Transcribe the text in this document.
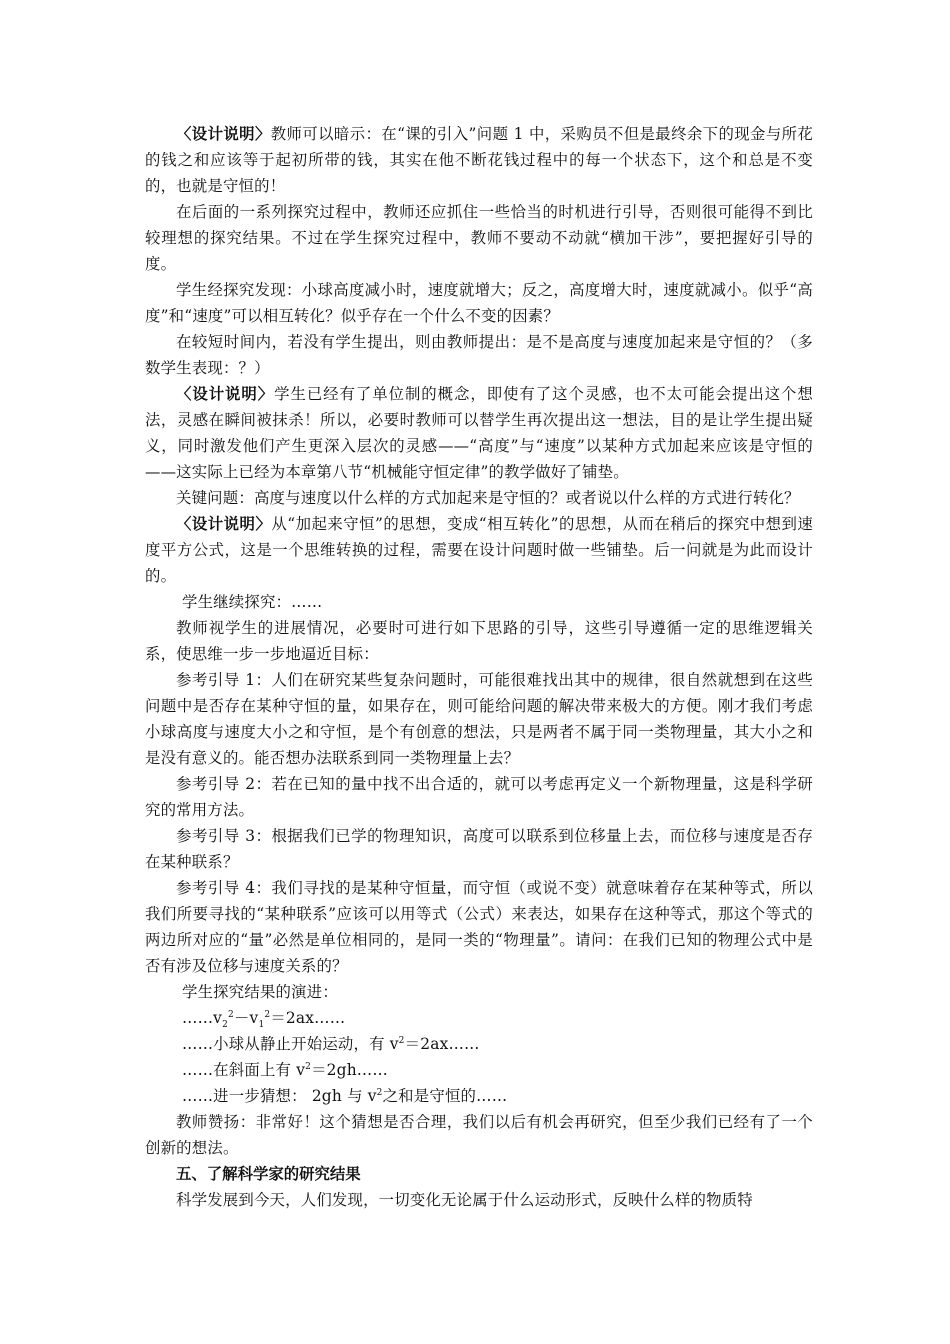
〈设计说明〉教师可以暗示：在“课的引入”问题 1 中，采购员不但是最终余下的现金与所花的钱之和应该等于起初所带的钱，其实在他不断花钱过程中的每一个状态下，这个和总是不变的，也就是守恒的！

在后面的一系列探究过程中，教师还应抓住一些恰当的时机进行引导，否则很可能得不到比较理想的探究结果。不过在学生探究过程中，教师不要动不动就“横加干涉”，要把握好引导的度。

学生经探究发现：小球高度减小时，速度就增大；反之，高度增大时，速度就减小。似乎“高度”和“速度”可以相互转化？似乎存在一个什么不变的因素？

在较短时间内，若没有学生提出，则由教师提出：是不是高度与速度加起来是守恒的？（多数学生表现：？）

〈设计说明〉学生已经有了单位制的概念，即使有了这个灵感，也不太可能会提出这个想法，灵感在瞬间被抹杀！所以，必要时教师可以替学生再次提出这一想法，目的是让学生提出疑义，同时激发他们产生更深入层次的灵感——“高度”与“速度”以某种方式加起来应该是守恒的——这实际上已经为本章第八节“机械能守恒定律”的教学做好了铺垫。

关键问题：高度与速度以什么样的方式加起来是守恒的？或者说以什么样的方式进行转化？

〈设计说明〉从“加起来守恒”的思想，变成“相互转化”的思想，从而在稍后的探究中想到速度平方公式，这是一个思维转换的过程，需要在设计问题时做一些铺垫。后一问就是为此而设计的。

学生继续探究：……

教师视学生的进展情况，必要时可进行如下思路的引导，这些引导遵循一定的思维逻辑关系，使思维一步一步地逼近目标：

参考引导 1：人们在研究某些复杂问题时，可能很难找出其中的规律，很自然就想到在这些问题中是否存在某种守恒的量，如果存在，则可能给问题的解决带来极大的方便。刚才我们考虑小球高度与速度大小之和守恒，是个有创意的想法，只是两者不属于同一类物理量，其大小之和是没有意义的。能否想办法联系到同一类物理量上去？

参考引导 2：若在已知的量中找不出合适的，就可以考虑再定义一个新物理量，这是科学研究的常用方法。

参考引导 3：根据我们已学的物理知识，高度可以联系到位移量上去，而位移与速度是否存在某种联系？

参考引导 4：我们寻找的是某种守恒量，而守恒（或说不变）就意味着存在某种等式，所以我们所要寻找的“某种联系”应该可以用等式（公式）来表达，如果存在这种等式，那这个等式的两边所对应的“量”必然是单位相同的，是同一类的“物理量”。请问：在我们已知的物理公式中是否有涉及位移与速度关系的？

学生探究结果的演进：

$\dots\dots v_2^2-v_1^2=2ax\dots\dots$

……小球从静止开始运动，有 $v^2=2ax\dots\dots$

……在斜面上有 $v^2=2gh\dots\dots$

……进一步猜想： 2gh 与 $v^2$之和是守恒的……

教师赞扬：非常好！这个猜想是否合理，我们以后有机会再研究，但至少我们已经有了一个创新的想法。

五、了解科学家的研究结果

科学发展到今天，人们发现，一切变化无论属于什么运动形式，反映什么样的物质特
